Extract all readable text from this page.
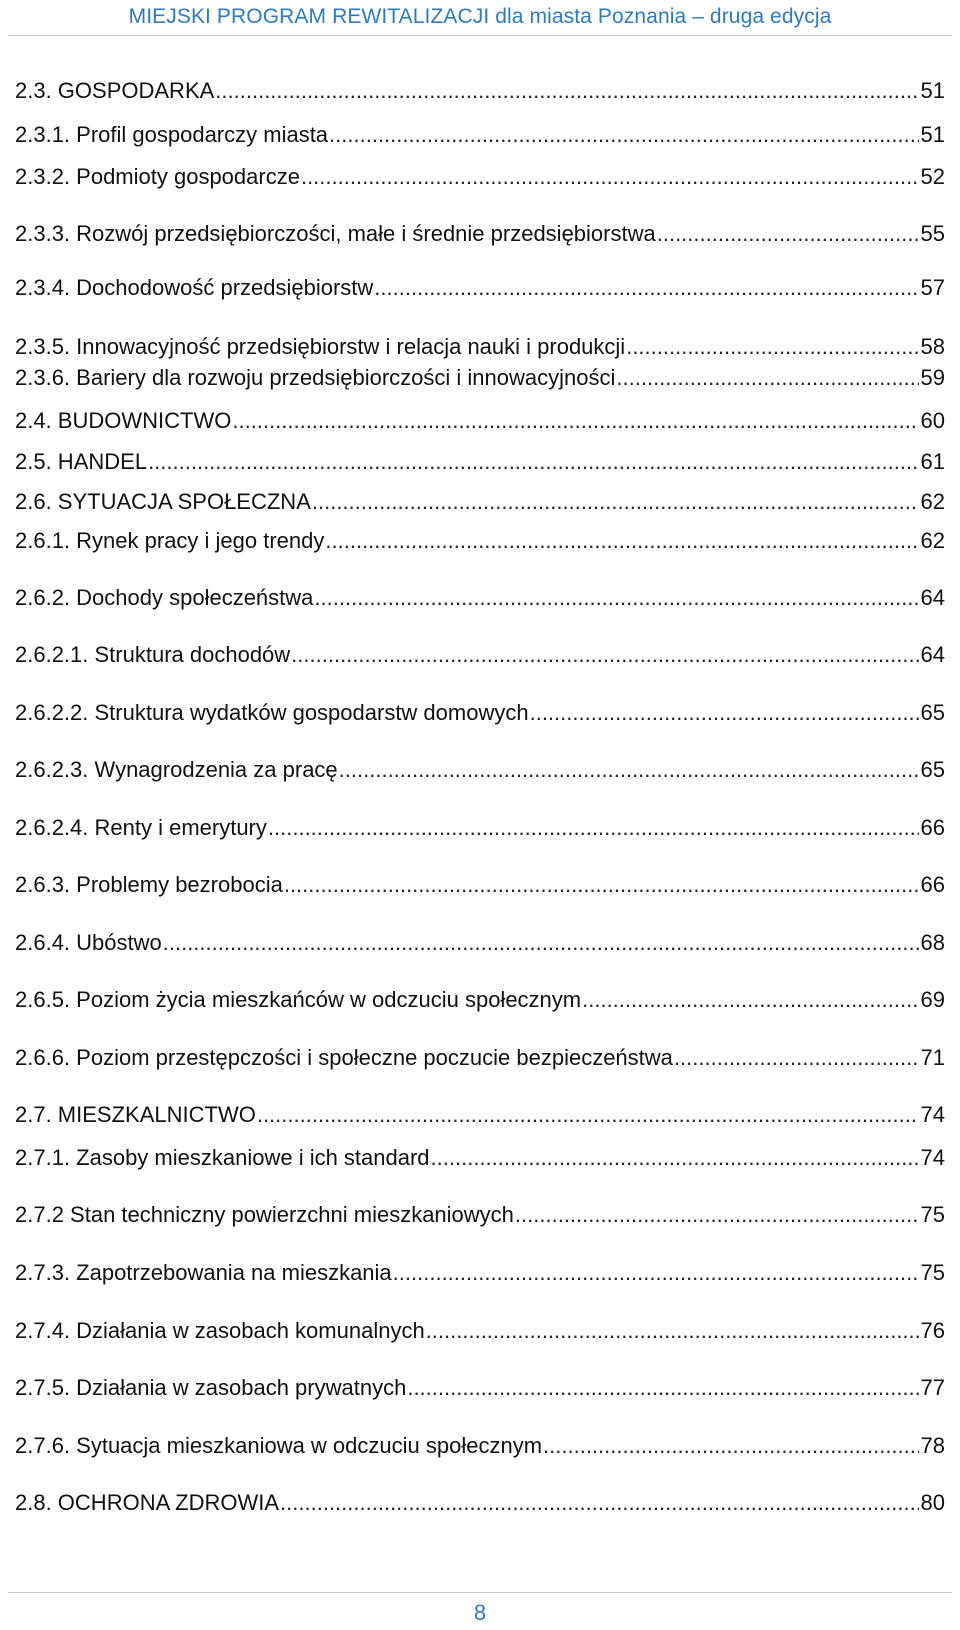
MIEJSKI PROGRAM REWITALIZACJI dla miasta Poznania – druga edycja
2.3. GOSPODARKA .....	51
2.3.1. Profil gospodarczy miasta .....	51
2.3.2. Podmioty gospodarcze .....	52
2.3.3. Rozwój przedsiębiorczości, małe i średnie przedsiębiorstwa .....	55
2.3.4. Dochodowość przedsiębiorstw .....	57
2.3.5. Innowacyjność przedsiębiorstw i relacja nauki i produkcji .....	58
2.3.6. Bariery dla rozwoju przedsiębiorczości i innowacyjności .....	59
2.4. BUDOWNICTWO .....	60
2.5. HANDEL .....	61
2.6. SYTUACJA SPOŁECZNA .....	62
2.6.1. Rynek pracy i jego trendy .....	62
2.6.2. Dochody społeczeństwa .....	64
2.6.2.1. Struktura dochodów .....	64
2.6.2.2. Struktura wydatków gospodarstw domowych .....	65
2.6.2.3. Wynagrodzenia za pracę .....	65
2.6.2.4. Renty i emerytury .....	66
2.6.3. Problemy bezrobocia .....	66
2.6.4. Ubóstwo .....	68
2.6.5. Poziom życia mieszkańców w odczuciu społecznym .....	69
2.6.6. Poziom przestępczości i społeczne poczucie bezpieczeństwa .....	71
2.7. MIESZKALNICTWO .....	74
2.7.1. Zasoby mieszkaniowe i ich standard .....	74
2.7.2 Stan techniczny powierzchni mieszkaniowych .....	75
2.7.3. Zapotrzebowania na mieszkania .....	75
2.7.4. Działania w zasobach komunalnych .....	76
2.7.5. Działania w zasobach prywatnych .....	77
2.7.6. Sytuacja mieszkaniowa w odczuciu społecznym .....	78
2.8. OCHRONA ZDROWIA .....	80
8
